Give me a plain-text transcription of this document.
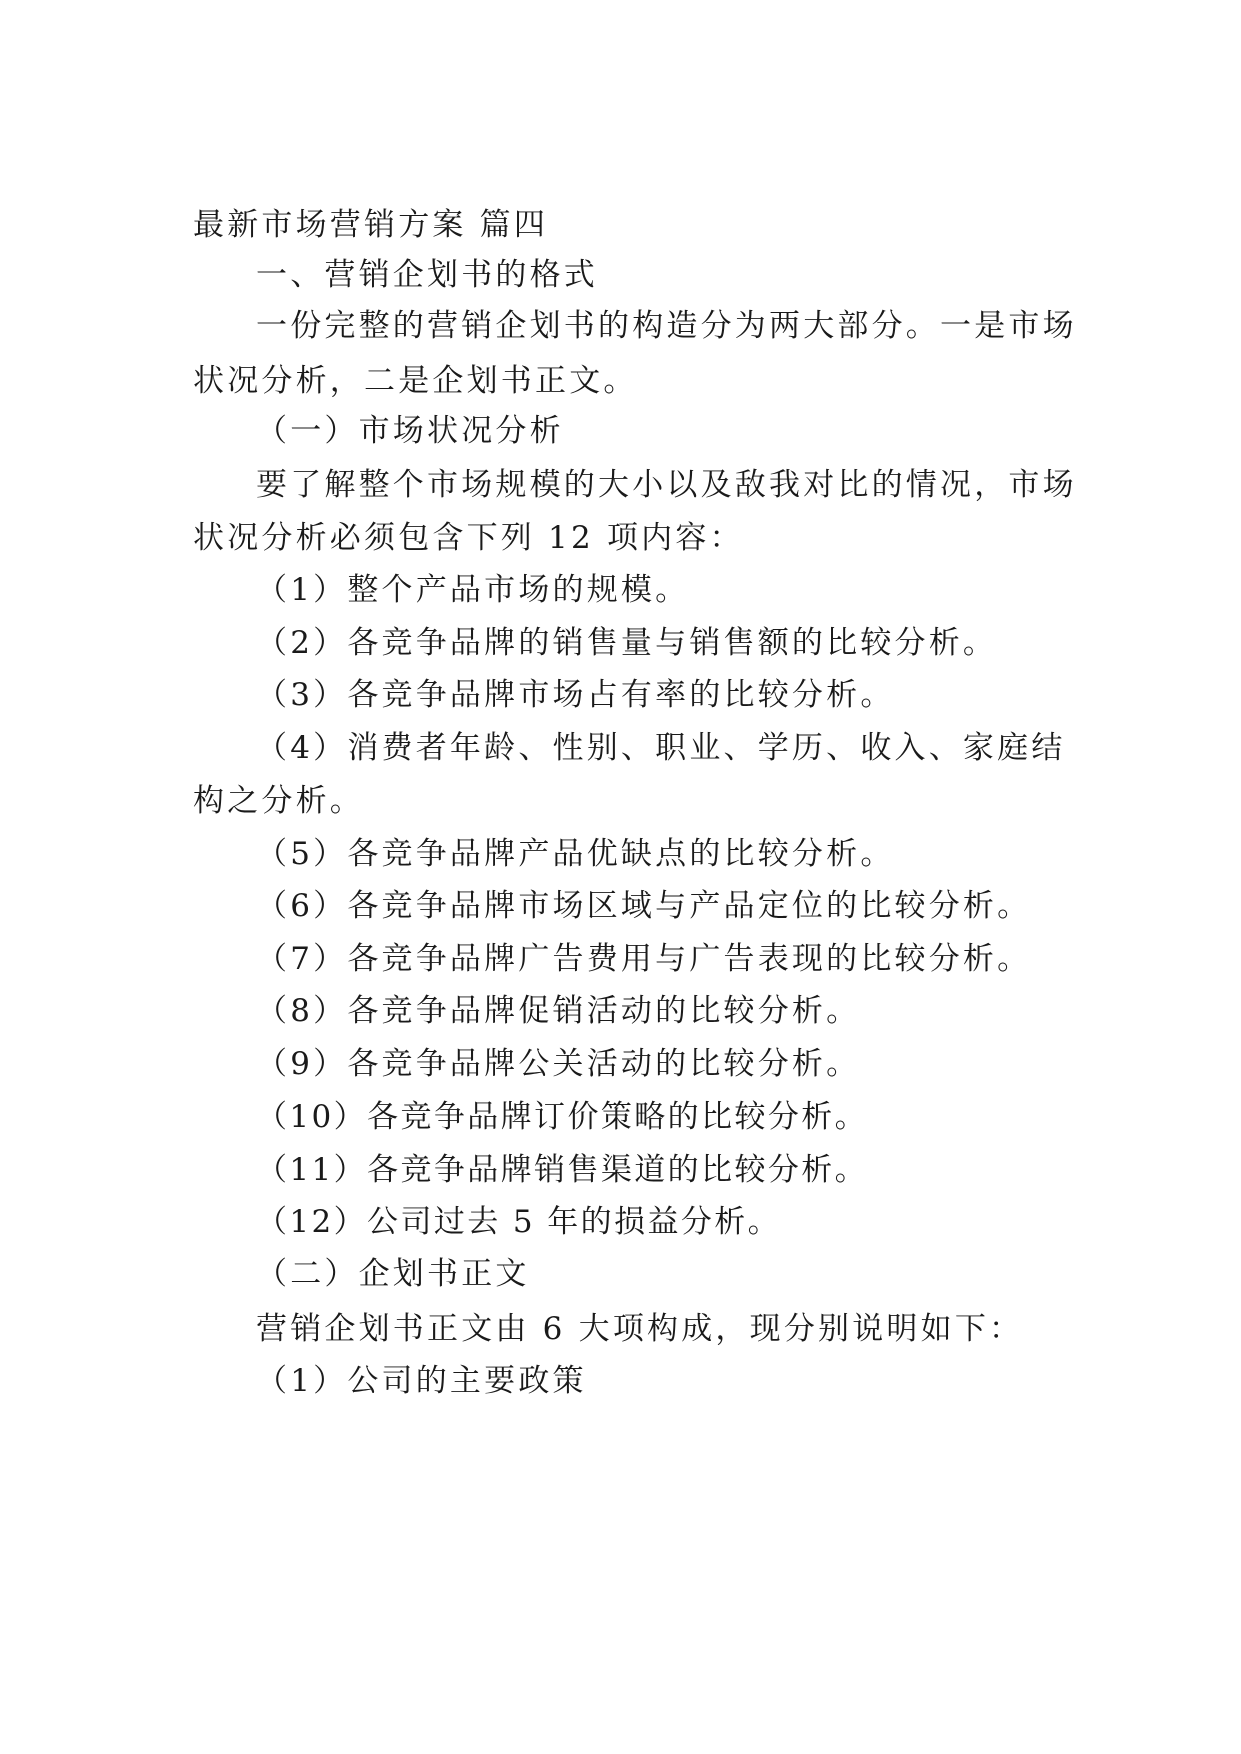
最新市场营销方案 篇四
一、营销企划书的格式
一份完整的营销企划书的构造分为两大部分。一是市场
状况分析，二是企划书正文。
（一）市场状况分析
要了解整个市场规模的大小以及敌我对比的情况，市场
状况分析必须包含下列 12 项内容：
（1）整个产品市场的规模。
（2）各竞争品牌的销售量与销售额的比较分析。
（3）各竞争品牌市场占有率的比较分析。
（4）消费者年龄、性别、职业、学历、收入、家庭结
构之分析。
（5）各竞争品牌产品优缺点的比较分析。
（6）各竞争品牌市场区域与产品定位的比较分析。
（7）各竞争品牌广告费用与广告表现的比较分析。
（8）各竞争品牌促销活动的比较分析。
（9）各竞争品牌公关活动的比较分析。
（10）各竞争品牌订价策略的比较分析。
（11）各竞争品牌销售渠道的比较分析。
（12）公司过去 5 年的损益分析。
（二）企划书正文
营销企划书正文由 6 大项构成，现分别说明如下：
（1）公司的主要政策
